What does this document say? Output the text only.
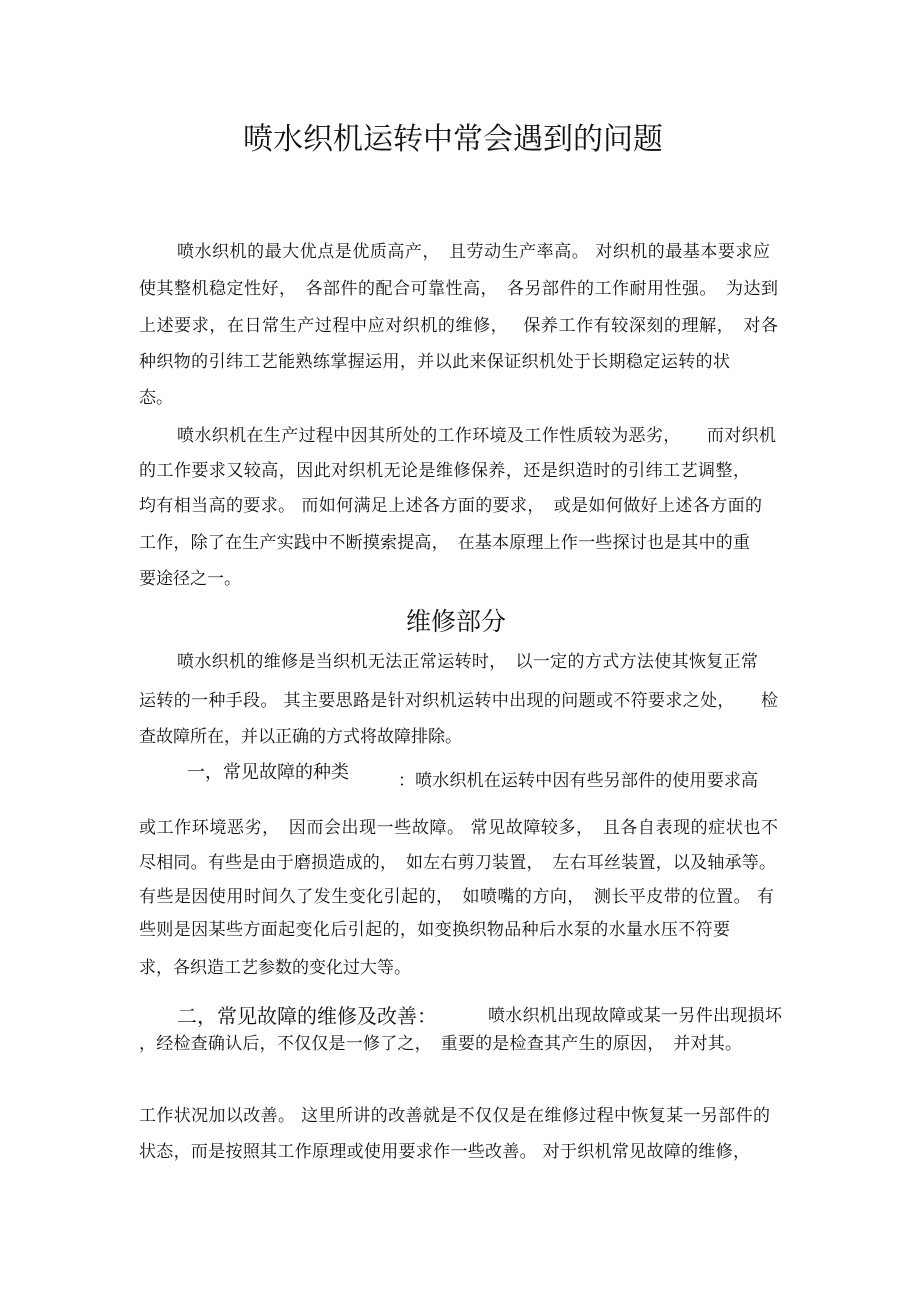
喷水织机运转中常会遇到的问题
喷水织机的最大优点是优质高产，　且劳动生产率高。 对织机的最基本要求应
使其整机稳定性好，　各部件的配合可靠性高，　各另部件的工作耐用性强。　为达到
上述要求，在日常生产过程中应对织机的维修，　 保养工作有较深刻的理解，　对各
种织物的引纬工艺能熟练掌握运用，并以此来保证织机处于长期稳定运转的状
态。
喷水织机在生产过程中因其所处的工作环境及工作性质较为恶劣，　　而对织机
的工作要求又较高，因此对织机无论是维修保养，还是织造时的引纬工艺调整，
均有相当高的要求。 而如何满足上述各方面的要求，　或是如何做好上述各方面的
工作，除了在生产实践中不断摸索提高，　在基本原理上作一些探讨也是其中的重
要途径之一。
维修部分
喷水织机的维修是当织机无法正常运转时，　以一定的方式方法使其恢复正常
运转的一种手段。 其主要思路是针对织机运转中出现的问题或不符要求之处，　　检
查故障所在，并以正确的方式将故障排除。
一，常见故障的种类	：喷水织机在运转中因有些另部件的使用要求高
或工作环境恶劣，　因而会出现一些故障。 常见故障较多，　且各自表现的症状也不
尽相同。有些是由于磨损造成的，　如左右剪刀装置，　左右耳丝装置，以及轴承等。
有些是因使用时间久了发生变化引起的，　如喷嘴的方向，　测长平皮带的位置。 有
些则是因某些方面起变化后引起的，如变换织物品种后水泵的水量水压不符要
求，各织造工艺参数的变化过大等。
二，常见故障的维修及改善：	喷水织机出现故障或某一另件出现损坏
，经检查确认后，不仅仅是一修了之，　重要的是检查其产生的原因，　并对其。
工作状况加以改善。 这里所讲的改善就是不仅仅是在维修过程中恢复某一另部件的
状态，而是按照其工作原理或使用要求作一些改善。 对于织机常见故障的维修，
